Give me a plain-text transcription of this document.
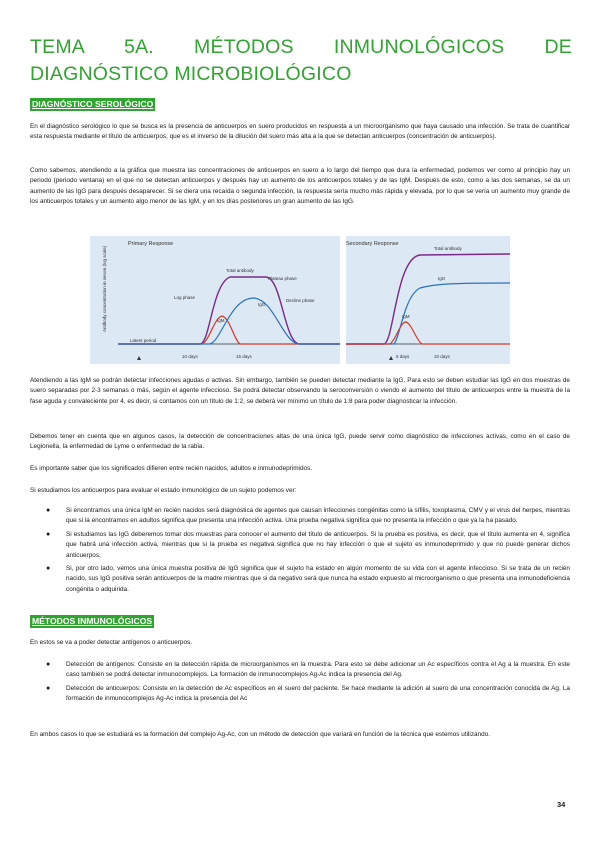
TEMA 5A. MÉTODOS INMUNOLÓGICOS DE
DIAGNÓSTICO MICROBIOLÓGICO
DIAGNÓSTICO SEROLÓGICO

En el diagnóstico serológico lo que se busca es la presencia de anticuerpos en suero producidos en respuesta a un microorganismo que haya causado una infección. Se trata de cuantificar esta respuesta mediante el título de anticuerpos, que es el inverso de la dilución del suero más alta a la que se detectan anticuerpos (concentración de anticuerpos).

Como sabemos, atendiendo a la gráfica que muestra las concentraciones de anticuerpos en suero a lo largo del tiempo que dura la enfermedad, podemos ver como al principio hay un periodo (periodo ventana) en el que no se detectan anticuerpos y después hay un aumento de los anticuerpos totales y de las IgM. Después de esto, como a las dos semanas, se da un aumento de las IgG para después desaparecer. Si se diera una recaída o segunda infección, la respuesta sería mucho más rápida y elevada, por lo que se vería un aumento muy grande de los anticuerpos totales y un aumento algo menor de las IgM, y en los días posteriores un gran aumento de las IgG.

Primary Response	Secondary Response
Antibody concentration in serum (log scale)	Total antibody
Plateau phase
Log phase
IgG
IgM
Decline phase
Latent period
Total antibody
IgG
IgM
10 days	15 days	5 days	10 days

Atendiendo a las IgM se podrán detectar infecciones agudas o activas. Sin embargo, también se pueden detectar mediante la IgG. Para esto se deben estudiar las IgG en dos muestras de suero separadas por 2-3 semanas o más, según el agente infeccioso. Se podrá detectar observando la seroconversión o viendo el aumento del título de anticuerpos entre la muestra de la fase aguda y convaleciente por 4, es decir, si contamos con un título de 1:2, se deberá ver mínimo un título de 1:8 para poder diagnosticar la infección.

Debemos tener en cuenta que en algunos casos, la detección de concentraciones altas de una única IgG, puede servir como diagnóstico de infecciones activas, como en el caso de Legionella, la enfermedad de Lyme o enfermedad de la rabia.

Es importante saber que los significados difieren entre recién nacidos, adultos e inmunodeprimidos.

Si estudiamos los anticuerpos para evaluar el estado inmunológico de un sujeto podemos ver:

● Si encontramos una única IgM en recién nacidos será diagnóstica de agentes que causan infecciones congénitas como la sífilis, toxoplasma, CMV y el virus del herpes, mientras que si la encontramos en adultos significa que presenta una infección activa. Una prueba negativa significa que no presenta la infección o que ya la ha pasado.
● Si estudiamos las IgG deberemos tomar dos muestras para conocer el aumento del título de anticuerpos. Si la prueba es positiva, es decir, que el título aumenta en 4, significa que habrá una infección activa, mientras que si la prueba es negativa significa que no hay infección o que el sujeto es inmunodeprimido y que no puede generar dichos anticuerpos.
● Si, por otro lado, vemos una única muestra positiva de IgG significa que el sujeto ha estado en algún momento de su vida con el agente infeccioso. Si se trata de un recién nacido, sus IgG positiva serán anticuerpos de la madre mientras que si da negativo será que nunca ha estado expuesto al microorganismo o que presenta una inmunodeficiencia congénita o adquirida.
MÉTODOS INMUNOLÓGICOS

En estos se va a poder detectar antígenos o anticuerpos.

● Detección de antígenos: Consiste en la detección rápida de microorganismos en la muestra. Para esto se debe adicionar un Ac específicos contra el Ag a la muestra. En este caso también se podrá detectar inmunocomplejos. La formación de inmunocomplejos Ag-Ac indica la presencia del Ag.
● Detección de anticuerpos: Consiste en la detección de Ac específicos en el suero del paciente. Se hace mediante la adición al suero de una concentración conocida de Ag. La formación de inmunocomplejos Ag-Ac indica la presencia del Ac

En ambos casos lo que se estudiará es la formación del complejo Ag-Ac, con un método de detección que variará en función de la técnica que estemos utilizando.

34
